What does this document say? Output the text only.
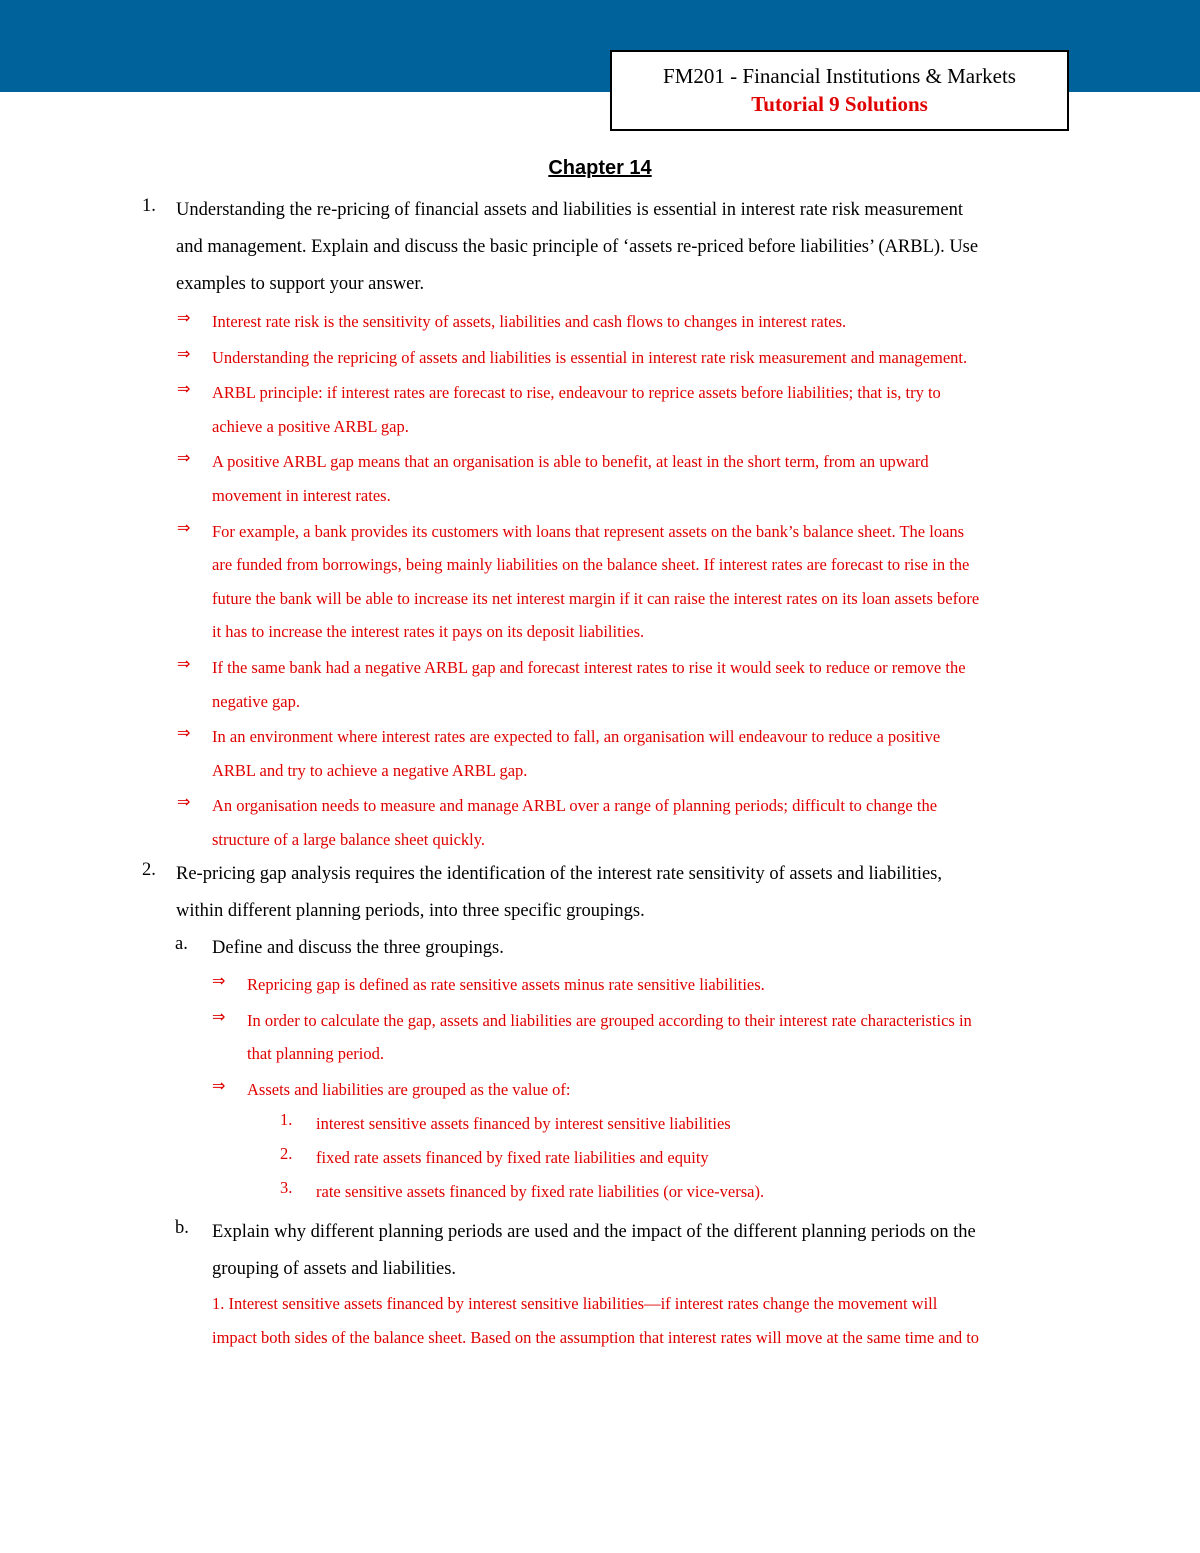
FM201 - Financial Institutions & Markets
Tutorial 9 Solutions
Chapter 14
1. Understanding the re-pricing of financial assets and liabilities is essential in interest rate risk measurement
and management. Explain and discuss the basic principle of ‘assets re-priced before liabilities’ (ARBL). Use
examples to support your answer.
⇒ Interest rate risk is the sensitivity of assets, liabilities and cash flows to changes in interest rates.
⇒ Understanding the repricing of assets and liabilities is essential in interest rate risk measurement and management.
⇒ ARBL principle: if interest rates are forecast to rise, endeavour to reprice assets before liabilities; that is, try to
achieve a positive ARBL gap.
⇒ A positive ARBL gap means that an organisation is able to benefit, at least in the short term, from an upward
movement in interest rates.
⇒ For example, a bank provides its customers with loans that represent assets on the bank’s balance sheet. The loans
are funded from borrowings, being mainly liabilities on the balance sheet. If interest rates are forecast to rise in the
future the bank will be able to increase its net interest margin if it can raise the interest rates on its loan assets before
it has to increase the interest rates it pays on its deposit liabilities.
⇒ If the same bank had a negative ARBL gap and forecast interest rates to rise it would seek to reduce or remove the
negative gap.
⇒ In an environment where interest rates are expected to fall, an organisation will endeavour to reduce a positive
ARBL and try to achieve a negative ARBL gap.
⇒ An organisation needs to measure and manage ARBL over a range of planning periods; difficult to change the
structure of a large balance sheet quickly.
2. Re-pricing gap analysis requires the identification of the interest rate sensitivity of assets and liabilities,
within different planning periods, into three specific groupings.
a. Define and discuss the three groupings.
⇒ Repricing gap is defined as rate sensitive assets minus rate sensitive liabilities.
⇒ In order to calculate the gap, assets and liabilities are grouped according to their interest rate characteristics in
that planning period.
⇒ Assets and liabilities are grouped as the value of:
1. interest sensitive assets financed by interest sensitive liabilities
2. fixed rate assets financed by fixed rate liabilities and equity
3. rate sensitive assets financed by fixed rate liabilities (or vice-versa).
b. Explain why different planning periods are used and the impact of the different planning periods on the
grouping of assets and liabilities.
1. Interest sensitive assets financed by interest sensitive liabilities—if interest rates change the movement will
impact both sides of the balance sheet. Based on the assumption that interest rates will move at the same time and to
